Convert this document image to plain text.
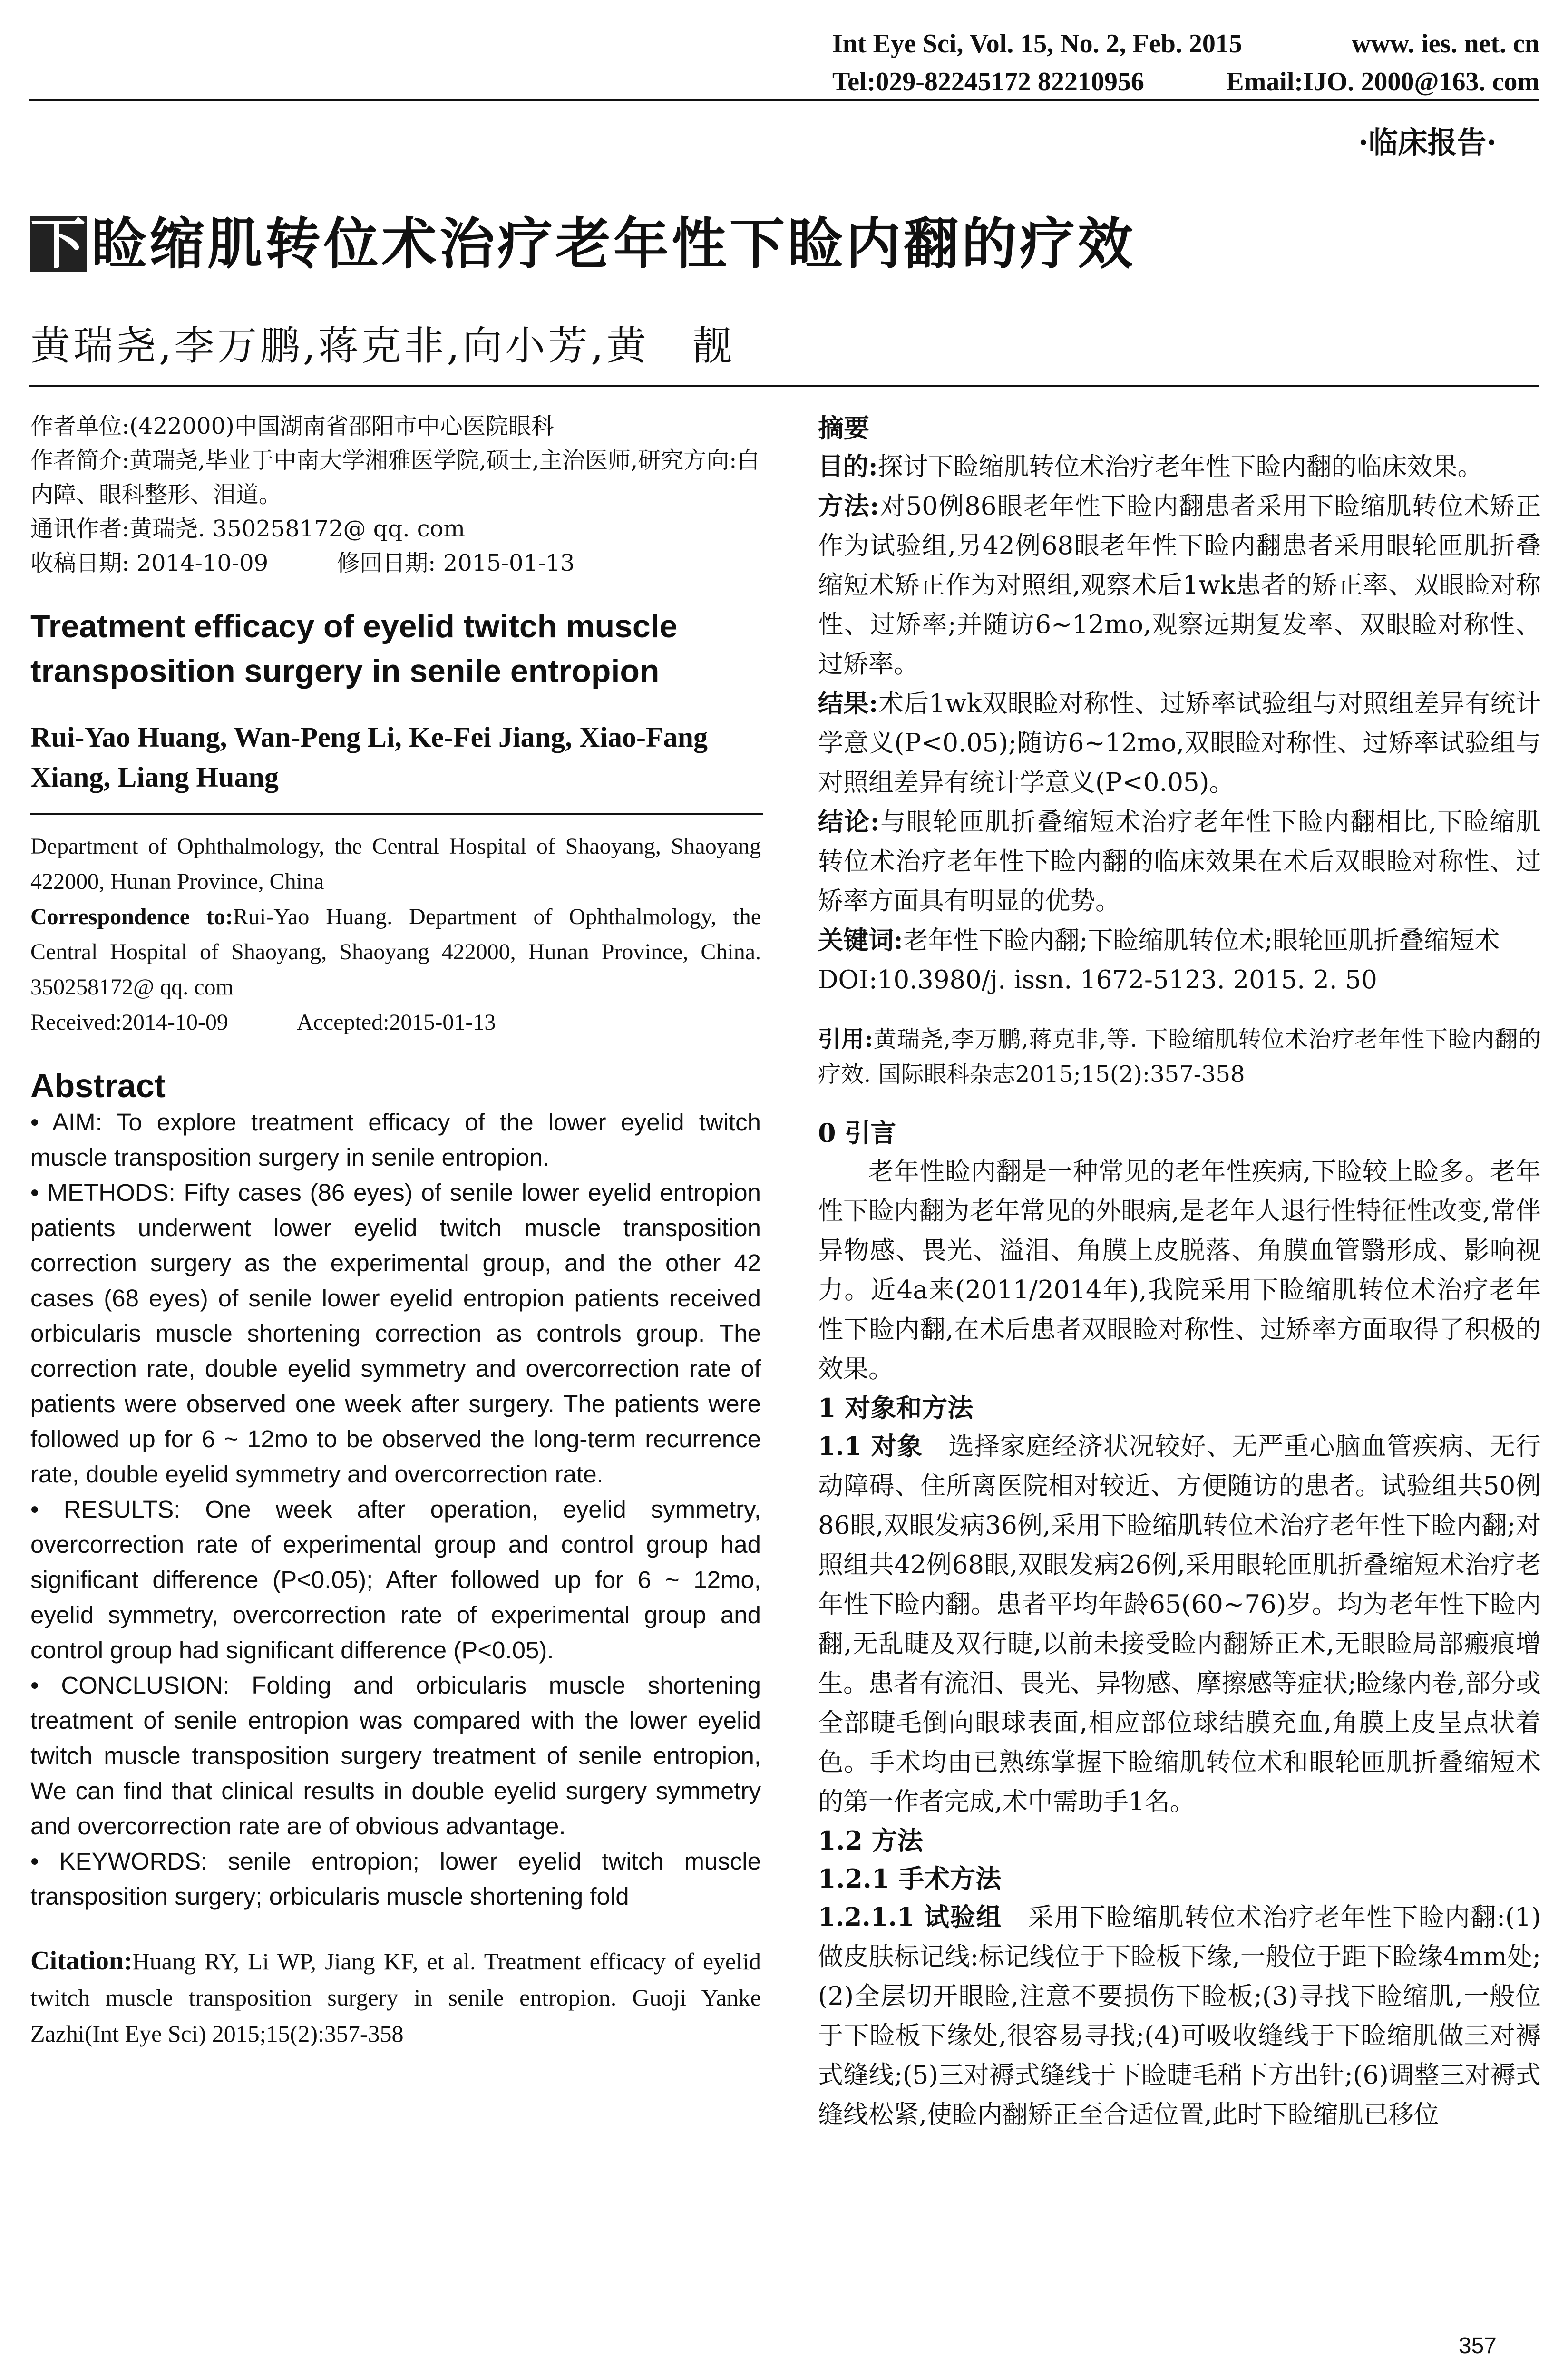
Int Eye Sci, Vol. 15, No. 2, Feb. 2015	www. ies. net. cn
Tel:029-82245172 82210956	Email:IJO. 2000@163. com
·临床报告·
下睑缩肌转位术治疗老年性下睑内翻的疗效
黄瑞尧,李万鹏,蒋克非,向小芳,黄　靓
作者单位:(422000)中国湖南省邵阳市中心医院眼科
作者简介:黄瑞尧,毕业于中南大学湘雅医学院,硕士,主治医师,研究方向:白内障、眼科整形、泪道。
通讯作者:黄瑞尧. 350258172@ qq. com
收稿日期: 2014-10-09　　　修回日期: 2015-01-13
Treatment efficacy of eyelid twitch muscle transposition surgery in senile entropion
Rui-Yao Huang, Wan-Peng Li, Ke-Fei Jiang, Xiao-Fang Xiang, Liang Huang
Department of Ophthalmology, the Central Hospital of Shaoyang, Shaoyang 422000, Hunan Province, China
Correspondence to:Rui-Yao Huang. Department of Ophthalmology, the Central Hospital of Shaoyang, Shaoyang 422000, Hunan Province, China. 350258172@ qq. com
Received:2014-10-09　　　Accepted:2015-01-13
Abstract

• AIM: To explore treatment efficacy of the lower eyelid twitch muscle transposition surgery in senile entropion.

• METHODS: Fifty cases (86 eyes) of senile lower eyelid entropion patients underwent lower eyelid twitch muscle transposition correction surgery as the experimental group, and the other 42 cases (68 eyes) of senile lower eyelid entropion patients received orbicularis muscle shortening correction as controls group. The correction rate, double eyelid symmetry and overcorrection rate of patients were observed one week after surgery. The patients were followed up for 6 ~ 12mo to be observed the long-term recurrence rate, double eyelid symmetry and overcorrection rate.

• RESULTS: One week after operation, eyelid symmetry, overcorrection rate of experimental group and control group had significant difference (P<0.05); After followed up for 6 ~ 12mo, eyelid symmetry, overcorrection rate of experimental group and control group had significant difference (P<0.05).

• CONCLUSION: Folding and orbicularis muscle shortening treatment of senile entropion was compared with the lower eyelid twitch muscle transposition surgery treatment of senile entropion, We can find that clinical results in double eyelid surgery symmetry and overcorrection rate are of obvious advantage.

• KEYWORDS: senile entropion; lower eyelid twitch muscle transposition surgery; orbicularis muscle shortening fold

Citation:Huang RY, Li WP, Jiang KF, et al. Treatment efficacy of eyelid twitch muscle transposition surgery in senile entropion. Guoji Yanke Zazhi(Int Eye Sci) 2015;15(2):357-358
摘要

目的:探讨下睑缩肌转位术治疗老年性下睑内翻的临床效果。

方法:对50例86眼老年性下睑内翻患者采用下睑缩肌转位术矫正作为试验组,另42例68眼老年性下睑内翻患者采用眼轮匝肌折叠缩短术矫正作为对照组,观察术后1wk患者的矫正率、双眼睑对称性、过矫率;并随访6~12mo,观察远期复发率、双眼睑对称性、过矫率。

结果:术后1wk双眼睑对称性、过矫率试验组与对照组差异有统计学意义(P<0.05);随访6~12mo,双眼睑对称性、过矫率试验组与对照组差异有统计学意义(P<0.05)。

结论:与眼轮匝肌折叠缩短术治疗老年性下睑内翻相比,下睑缩肌转位术治疗老年性下睑内翻的临床效果在术后双眼睑对称性、过矫率方面具有明显的优势。

关键词:老年性下睑内翻;下睑缩肌转位术;眼轮匝肌折叠缩短术

DOI:10.3980/j. issn. 1672-5123. 2015. 2. 50

引用:黄瑞尧,李万鹏,蒋克非,等. 下睑缩肌转位术治疗老年性下睑内翻的疗效. 国际眼科杂志2015;15(2):357-358

0 引言

老年性睑内翻是一种常见的老年性疾病,下睑较上睑多。老年性下睑内翻为老年常见的外眼病,是老年人退行性特征性改变,常伴异物感、畏光、溢泪、角膜上皮脱落、角膜血管翳形成、影响视力。近4a来(2011/2014年),我院采用下睑缩肌转位术治疗老年性下睑内翻,在术后患者双眼睑对称性、过矫率方面取得了积极的效果。

1 对象和方法

1.1 对象　 选择家庭经济状况较好、无严重心脑血管疾病、无行动障碍、住所离医院相对较近、方便随访的患者。试验组共50例86眼,双眼发病36例,采用下睑缩肌转位术治疗老年性下睑内翻;对照组共42例68眼,双眼发病26例,采用眼轮匝肌折叠缩短术治疗老年性下睑内翻。患者平均年龄65(60~76)岁。均为老年性下睑内翻,无乱睫及双行睫,以前未接受睑内翻矫正术,无眼睑局部瘢痕增生。患者有流泪、畏光、异物感、摩擦感等症状;睑缘内卷,部分或全部睫毛倒向眼球表面,相应部位球结膜充血,角膜上皮呈点状着色。手术均由已熟练掌握下睑缩肌转位术和眼轮匝肌折叠缩短术的第一作者完成,术中需助手1名。

1.2 方法
1.2.1 手术方法

1.2.1.1 试验组　 采用下睑缩肌转位术治疗老年性下睑内翻:(1)做皮肤标记线:标记线位于下睑板下缘,一般位于距下睑缘4mm处;(2)全层切开眼睑,注意不要损伤下睑板;(3)寻找下睑缩肌,一般位于下睑板下缘处,很容易寻找;(4)可吸收缝线于下睑缩肌做三对褥式缝线;(5)三对褥式缝线于下睑睫毛稍下方出针;(6)调整三对褥式缝线松紧,使睑内翻矫正至合适位置,此时下睑缩肌已移位

357
